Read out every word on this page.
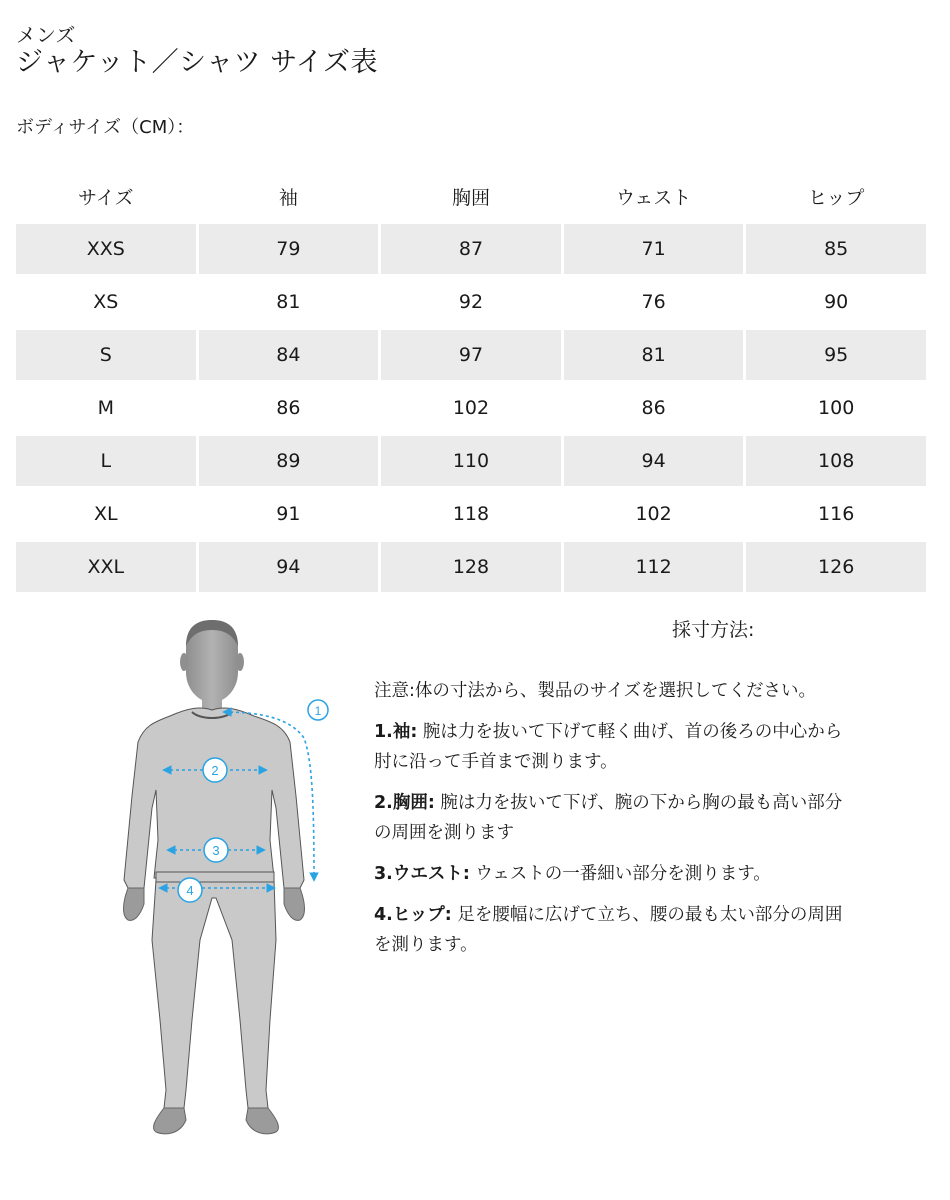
メンズ
ジャケット／シャツ サイズ表
ボディサイズ（CM）：
サイズ	袖	胸囲	ウェスト	ヒップ
XXS	79	87	71	85
XS	81	92	76	90
S	84	97	81	95
M	86	102	86	100
L	89	110	94	108
XL	91	118	102	116
XXL	94	128	112	126
1
2
3
4
採寸方法:

注意:体の寸法から、製品のサイズを選択してください。

1.袖: 腕は力を抜いて下げて軽く曲げ、首の後ろの中心から肘に沿って手首まで測ります。

2.胸囲: 腕は力を抜いて下げ、腕の下から胸の最も高い部分の周囲を測ります

3.ウエスト: ウェストの一番細い部分を測ります。

4.ヒップ: 足を腰幅に広げて立ち、腰の最も太い部分の周囲を測ります。
